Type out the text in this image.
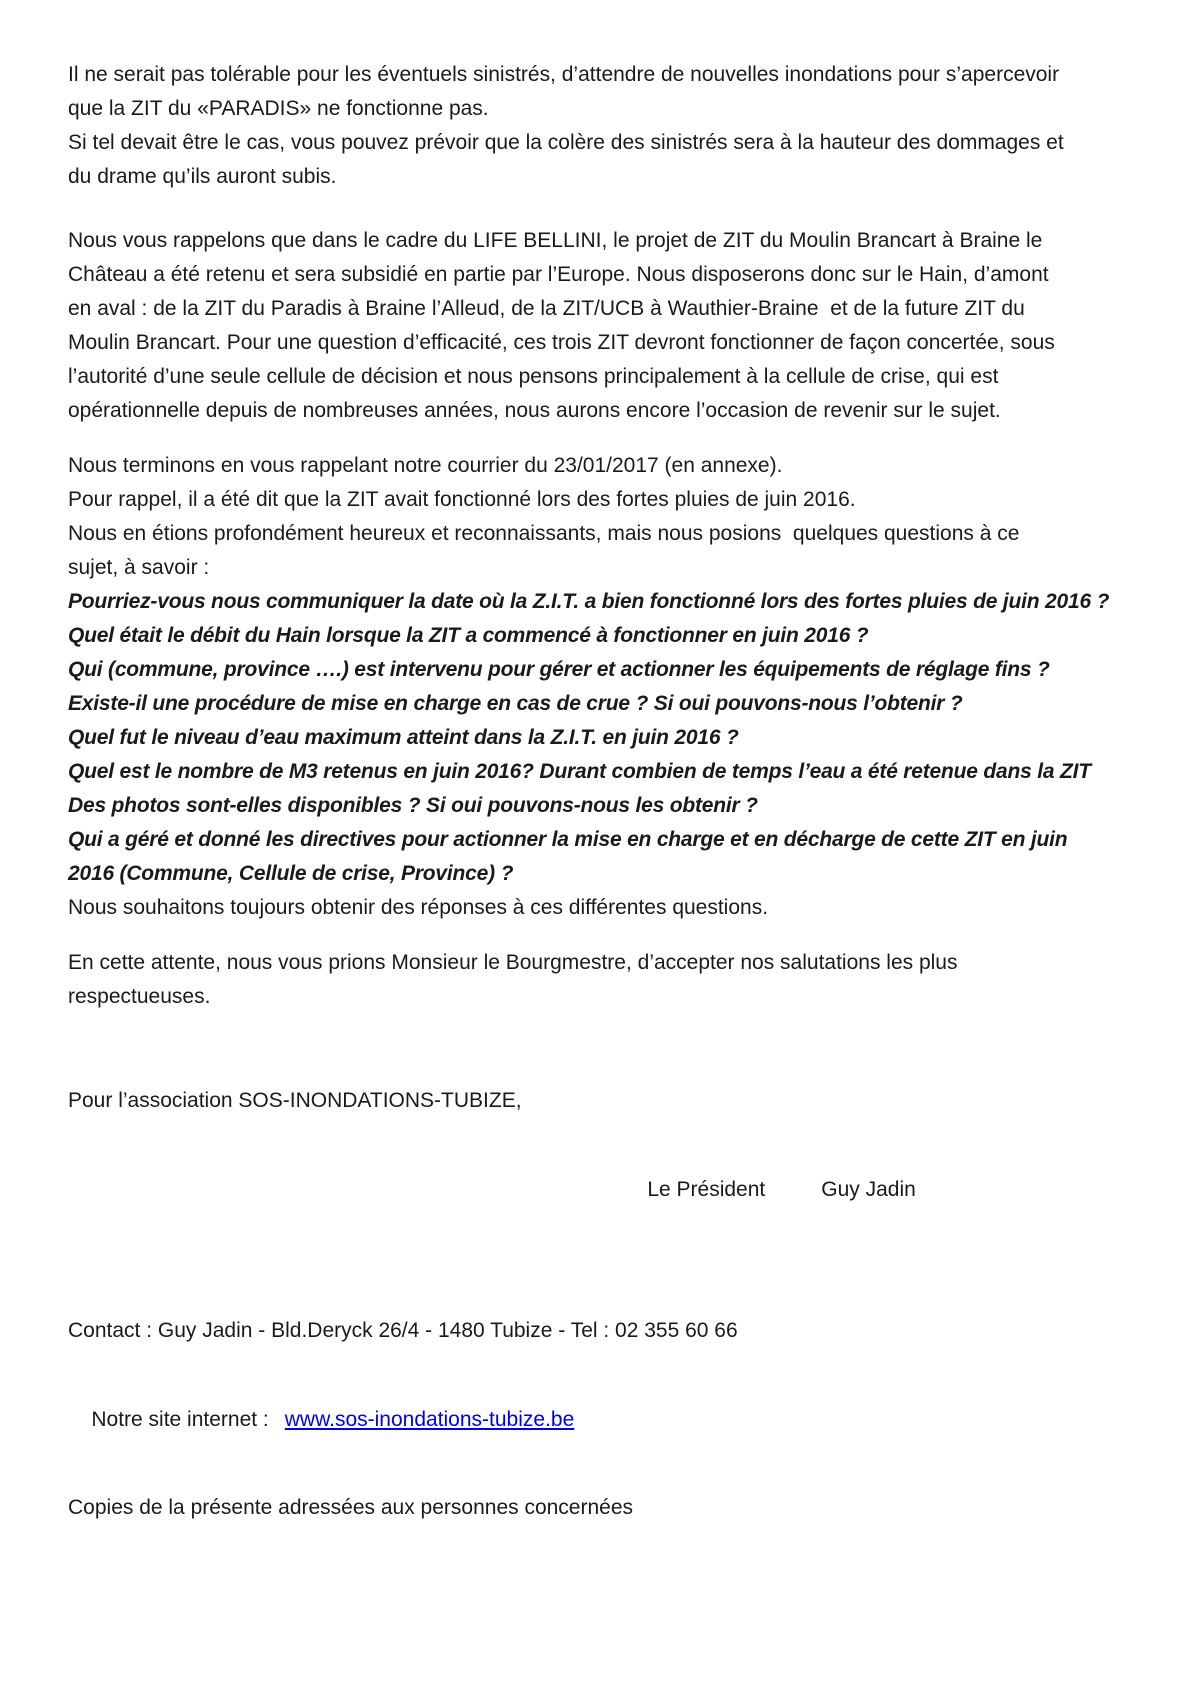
Il ne serait pas tolérable pour les éventuels sinistrés, d’attendre de nouvelles inondations pour s’apercevoir
que la ZIT du «PARADIS» ne fonctionne pas.
Si tel devait être le cas, vous pouvez prévoir que la colère des sinistrés sera à la hauteur des dommages et
du drame qu’ils auront subis.
Nous vous rappelons que dans le cadre du LIFE BELLINI, le projet de ZIT du Moulin Brancart à Braine le
Château a été retenu et sera subsidié en partie par l’Europe. Nous disposerons donc sur le Hain, d’amont
en aval : de la ZIT du Paradis à Braine l’Alleud, de la ZIT/UCB à Wauthier-Braine  et de la future ZIT du
Moulin Brancart. Pour une question d’efficacité, ces trois ZIT devront fonctionner de façon concertée, sous
l’autorité d’une seule cellule de décision et nous pensons principalement à la cellule de crise, qui est
opérationnelle depuis de nombreuses années, nous aurons encore l’occasion de revenir sur le sujet.
Nous terminons en vous rappelant notre courrier du 23/01/2017 (en annexe).
Pour rappel, il a été dit que la ZIT avait fonctionné lors des fortes pluies de juin 2016.
Nous en étions profondément heureux et reconnaissants, mais nous posions  quelques questions à ce
sujet, à savoir :
Pourriez-vous nous communiquer la date où la Z.I.T. a bien fonctionné lors des fortes pluies de juin 2016 ?
Quel était le débit du Hain lorsque la ZIT a commencé à fonctionner en juin 2016 ?
Qui (commune, province ….) est intervenu pour gérer et actionner les équipements de réglage fins ?
Existe-il une procédure de mise en charge en cas de crue ? Si oui pouvons-nous l’obtenir ?
Quel fut le niveau d’eau maximum atteint dans la Z.I.T. en juin 2016 ?
Quel est le nombre de M3 retenus en juin 2016? Durant combien de temps l’eau a été retenue dans la ZIT
Des photos sont-elles disponibles ? Si oui pouvons-nous les obtenir ?
Qui a géré et donné les directives pour actionner la mise en charge et en décharge de cette ZIT en juin
2016 (Commune, Cellule de crise, Province) ?
Nous souhaitons toujours obtenir des réponses à ces différentes questions.
En cette attente, nous vous prions Monsieur le Bourgmestre, d’accepter nos salutations les plus
respectueuses.
Pour l’association SOS-INONDATIONS-TUBIZE,

Le Président	Guy Jadin

Contact : Guy Jadin - Bld.Deryck 26/4 - 1480 Tubize - Tel : 02 355 60 66

Notre site internet : www.sos-inondations-tubize.be

Copies de la présente adressées aux personnes concernées
